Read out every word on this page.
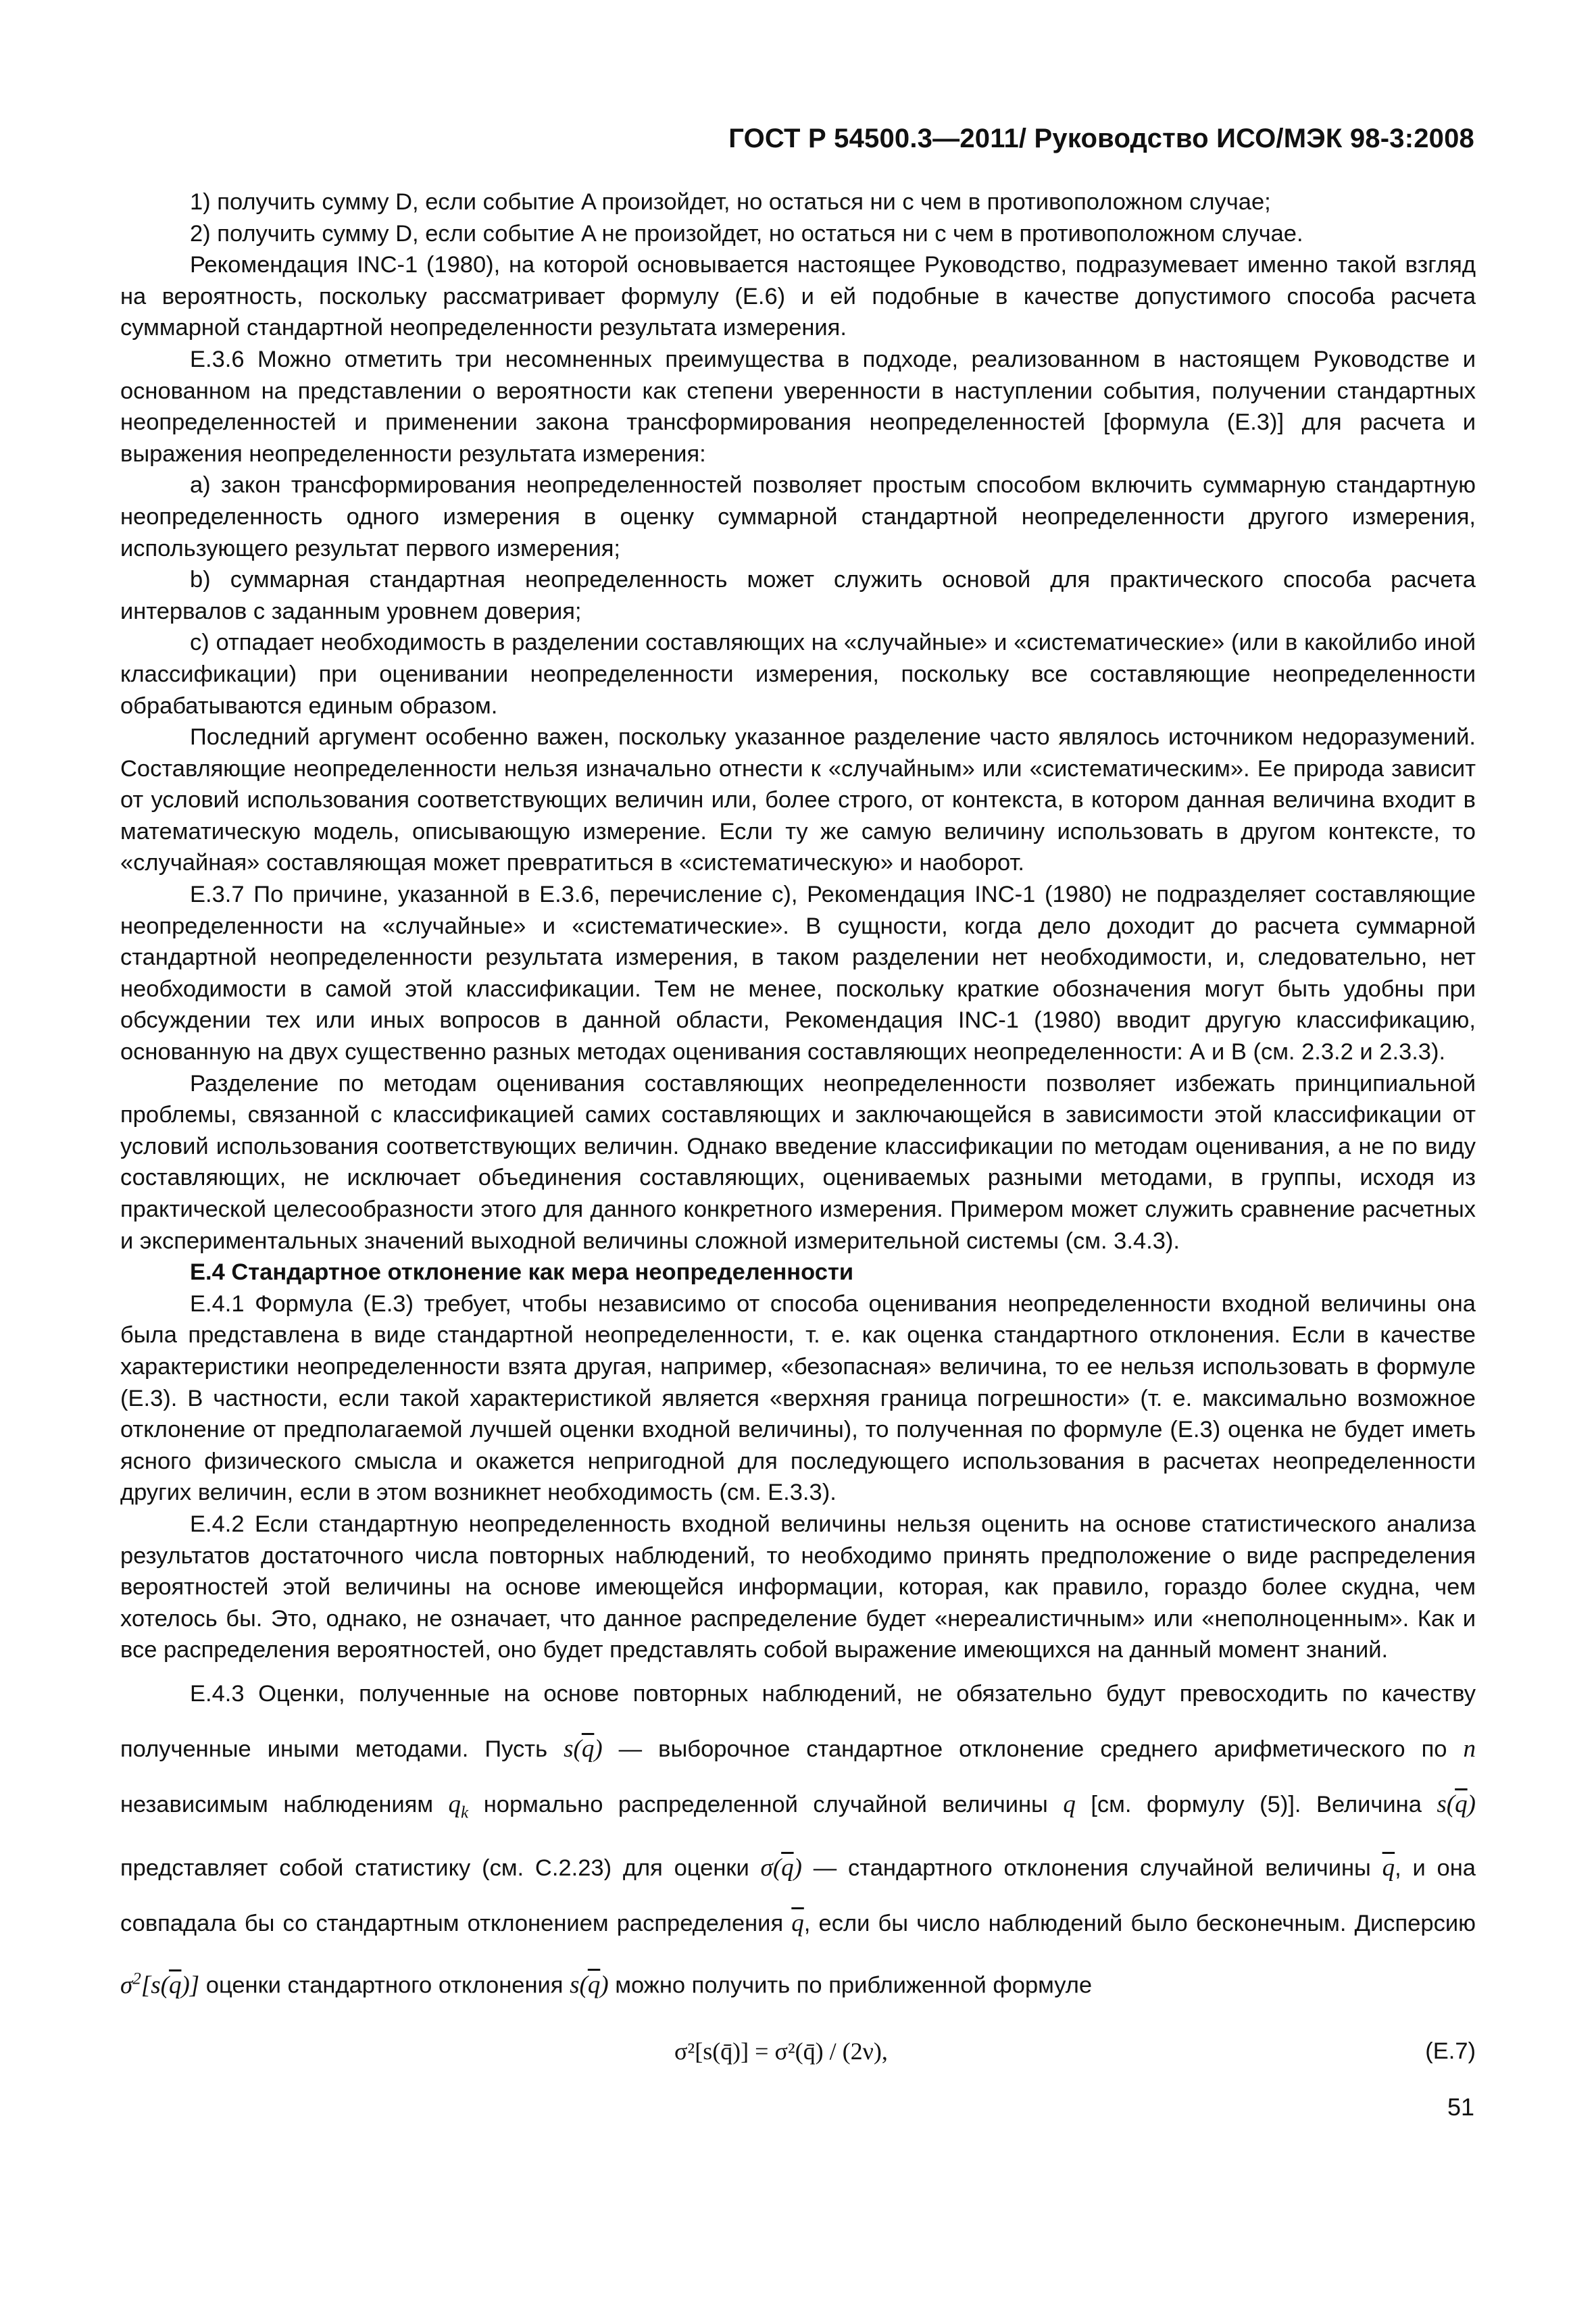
ГОСТ Р 54500.3—2011/ Руководство ИСО/МЭК 98-3:2008

1) получить сумму D, если событие A произойдет, но остаться ни с чем в противоположном случае;

2) получить сумму D, если событие A не произойдет, но остаться ни с чем в противоположном случае.

Рекомендация INC-1 (1980), на которой основывается настоящее Руководство, подразумевает именно такой взгляд на вероятность, поскольку рассматривает формулу (E.6) и ей подобные в качестве допустимого способа расчета суммарной стандартной неопределенности результата измерения.

E.3.6 Можно отметить три несомненных преимущества в подходе, реализованном в настоящем Руководстве и основанном на представлении о вероятности как степени уверенности в наступлении события, получении стандартных неопределенностей и применении закона трансформирования неопределенностей [формула (E.3)] для расчета и выражения неопределенности результата измерения:

a) закон трансформирования неопределенностей позволяет простым способом включить суммарную стандартную неопределенность одного измерения в оценку суммарной стандартной неопределенности другого измерения, использующего результат первого измерения;

b) суммарная стандартная неопределенность может служить основой для практического способа расчета интервалов с заданным уровнем доверия;

c) отпадает необходимость в разделении составляющих на «случайные» и «систематические» (или в какойлибо иной классификации) при оценивании неопределенности измерения, поскольку все составляющие неопределенности обрабатываются единым образом.

Последний аргумент особенно важен, поскольку указанное разделение часто являлось источником недоразумений. Составляющие неопределенности нельзя изначально отнести к «случайным» или «систематическим». Ее природа зависит от условий использования соответствующих величин или, более строго, от контекста, в котором данная величина входит в математическую модель, описывающую измерение. Если ту же самую величину использовать в другом контексте, то «случайная» составляющая может превратиться в «систематическую» и наоборот.

E.3.7 По причине, указанной в E.3.6, перечисление с), Рекомендация INC-1 (1980) не подразделяет составляющие неопределенности на «случайные» и «систематические». В сущности, когда дело доходит до расчета суммарной стандартной неопределенности результата измерения, в таком разделении нет необходимости, и, следовательно, нет необходимости в самой этой классификации. Тем не менее, поскольку краткие обозначения могут быть удобны при обсуждении тех или иных вопросов в данной области, Рекомендация INC-1 (1980) вводит другую классификацию, основанную на двух существенно разных методах оценивания составляющих неопределенности: А и В (см. 2.3.2 и 2.3.3).

Разделение по методам оценивания составляющих неопределенности позволяет избежать принципиальной проблемы, связанной с классификацией самих составляющих и заключающейся в зависимости этой классификации от условий использования соответствующих величин. Однако введение классификации по методам оценивания, а не по виду составляющих, не исключает объединения составляющих, оцениваемых разными методами, в группы, исходя из практической целесообразности этого для данного конкретного измерения. Примером может служить сравнение расчетных и экспериментальных значений выходной величины сложной измерительной системы (см. 3.4.3).

E.4 Стандартное отклонение как мера неопределенности

E.4.1 Формула (E.3) требует, чтобы независимо от способа оценивания неопределенности входной величины она была представлена в виде стандартной неопределенности, т. е. как оценка стандартного отклонения. Если в качестве характеристики неопределенности взята другая, например, «безопасная» величина, то ее нельзя использовать в формуле (E.3). В частности, если такой характеристикой является «верхняя граница погрешности» (т. е. максимально возможное отклонение от предполагаемой лучшей оценки входной величины), то полученная по формуле (E.3) оценка не будет иметь ясного физического смысла и окажется непригодной для последующего использования в расчетах неопределенности других величин, если в этом возникнет необходимость (см. E.3.3).

E.4.2 Если стандартную неопределенность входной величины нельзя оценить на основе статистического анализа результатов достаточного числа повторных наблюдений, то необходимо принять предположение о виде распределения вероятностей этой величины на основе имеющейся информации, которая, как правило, гораздо более скудна, чем хотелось бы. Это, однако, не означает, что данное распределение будет «нереалистичным» или «неполноценным». Как и все распределения вероятностей, оно будет представлять собой выражение имеющихся на данный момент знаний.

E.4.3 Оценки, полученные на основе повторных наблюдений, не обязательно будут превосходить по качеству полученные иными методами. Пусть $s(\overline{q})$ — выборочное стандартное отклонение среднего арифметического по n независимым наблюдениям $q_k$ нормально распределенной случайной величины q [см. формулу (5)]. Величина $s(\overline{q})$ представляет собой статистику (см. C.2.23) для оценки $\sigma(\overline{q})$ — стандартного отклонения случайной величины $\overline{q}$, и она совпадала бы со стандартным отклонением распределения $\overline{q}$, если бы число наблюдений было бесконечным. Дисперсию $\sigma^2[s(\overline{q})]$ оценки стандартного отклонения $s(\overline{q})$ можно получить по приближенной формуле

σ²[s(q̄)] = σ²(q̄) / (2ν),	(E.7)
51
